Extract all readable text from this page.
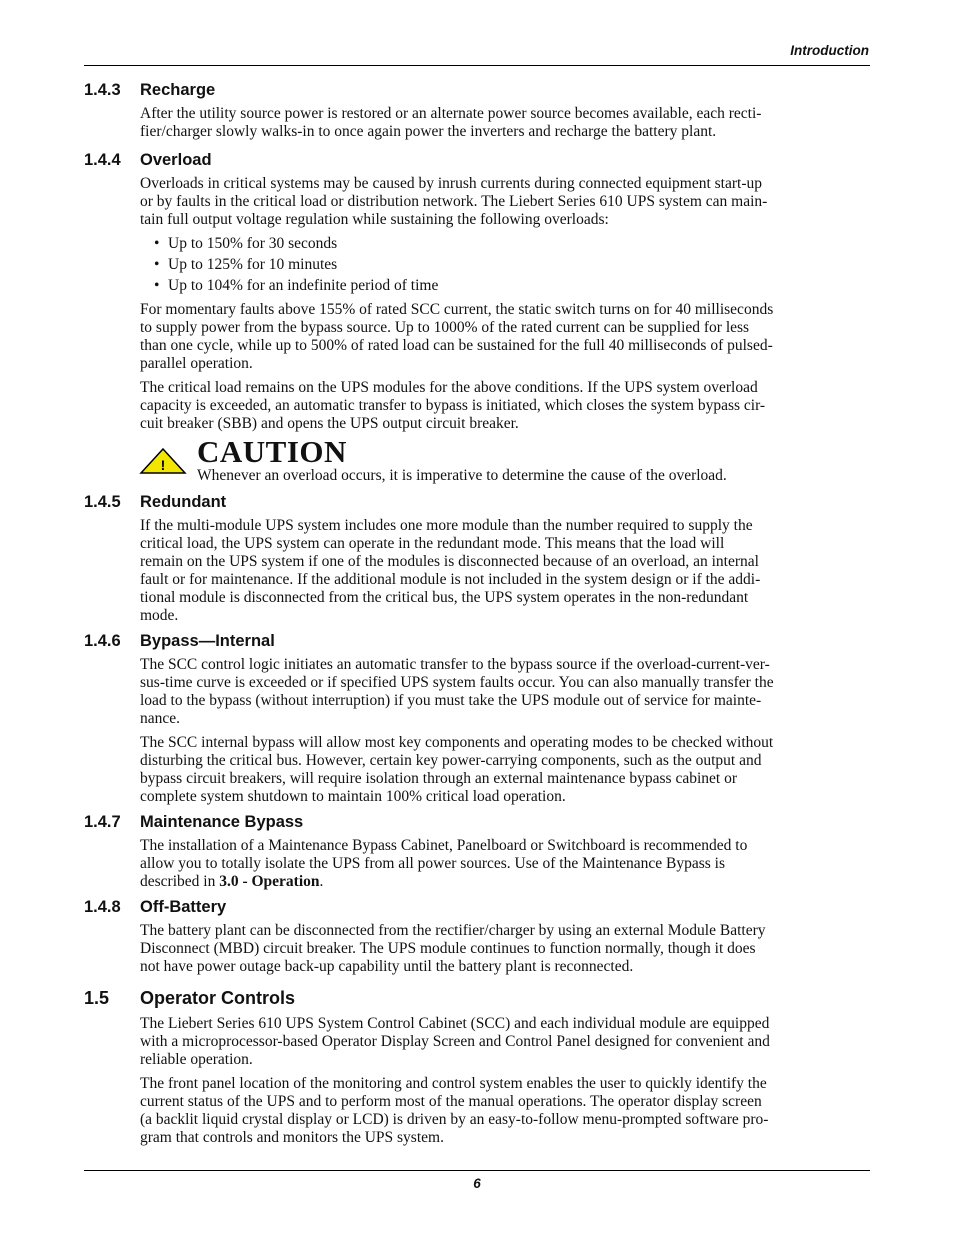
Introduction
1.4.3 Recharge
After the utility source power is restored or an alternate power source becomes available, each recti-
fier/charger slowly walks-in to once again power the inverters and recharge the battery plant.
1.4.4 Overload
Overloads in critical systems may be caused by inrush currents during connected equipment start-up
or by faults in the critical load or distribution network. The Liebert Series 610 UPS system can main-
tain full output voltage regulation while sustaining the following overloads:
• Up to 150% for 30 seconds
• Up to 125% for 10 minutes
• Up to 104% for an indefinite period of time
For momentary faults above 155% of rated SCC current, the static switch turns on for 40 milliseconds
to supply power from the bypass source. Up to 1000% of the rated current can be supplied for less
than one cycle, while up to 500% of rated load can be sustained for the full 40 milliseconds of pulsed-
parallel operation.
The critical load remains on the UPS modules for the above conditions. If the UPS system overload
capacity is exceeded, an automatic transfer to bypass is initiated, which closes the system bypass cir-
cuit breaker (SBB) and opens the UPS output circuit breaker.
! CAUTION
Whenever an overload occurs, it is imperative to determine the cause of the overload.
1.4.5 Redundant
If the multi-module UPS system includes one more module than the number required to supply the
critical load, the UPS system can operate in the redundant mode. This means that the load will
remain on the UPS system if one of the modules is disconnected because of an overload, an internal
fault or for maintenance. If the additional module is not included in the system design or if the addi-
tional module is disconnected from the critical bus, the UPS system operates in the non-redundant
mode.
1.4.6 Bypass—Internal
The SCC control logic initiates an automatic transfer to the bypass source if the overload-current-ver-
sus-time curve is exceeded or if specified UPS system faults occur. You can also manually transfer the
load to the bypass (without interruption) if you must take the UPS module out of service for mainte-
nance.
The SCC internal bypass will allow most key components and operating modes to be checked without
disturbing the critical bus. However, certain key power-carrying components, such as the output and
bypass circuit breakers, will require isolation through an external maintenance bypass cabinet or
complete system shutdown to maintain 100% critical load operation.
1.4.7 Maintenance Bypass
The installation of a Maintenance Bypass Cabinet, Panelboard or Switchboard is recommended to
allow you to totally isolate the UPS from all power sources. Use of the Maintenance Bypass is
described in 3.0 - Operation.
1.4.8 Off-Battery
The battery plant can be disconnected from the rectifier/charger by using an external Module Battery
Disconnect (MBD) circuit breaker. The UPS module continues to function normally, though it does
not have power outage back-up capability until the battery plant is reconnected.
1.5 Operator Controls
The Liebert Series 610 UPS System Control Cabinet (SCC) and each individual module are equipped
with a microprocessor-based Operator Display Screen and Control Panel designed for convenient and
reliable operation.
The front panel location of the monitoring and control system enables the user to quickly identify the
current status of the UPS and to perform most of the manual operations. The operator display screen
(a backlit liquid crystal display or LCD) is driven by an easy-to-follow menu-prompted software pro-
gram that controls and monitors the UPS system.
6
